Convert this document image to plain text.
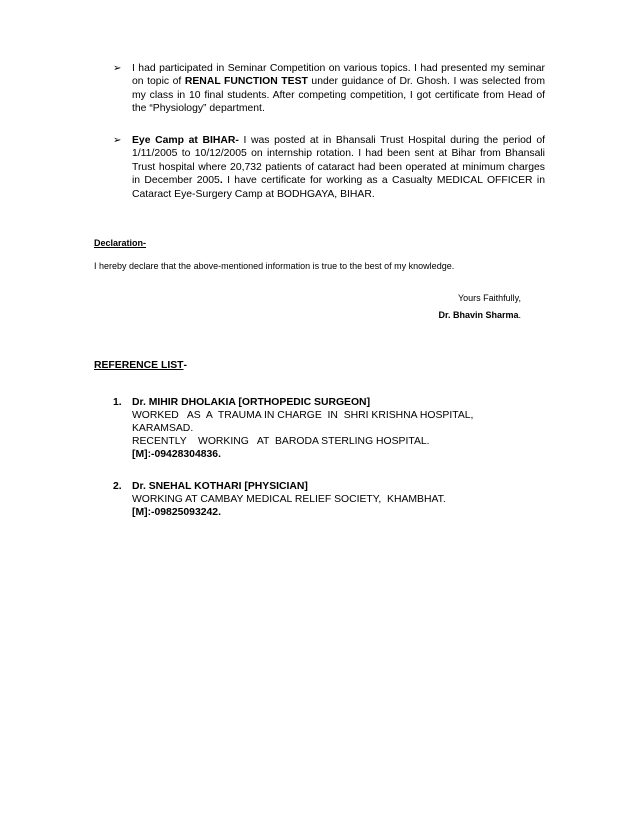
➢ I had participated in Seminar Competition on various topics. I had presented my seminar on topic of RENAL FUNCTION TEST under guidance of Dr. Ghosh. I was selected from my class in 10 final students. After competing competition, I got certificate from Head of the “Physiology” department.
➢ Eye Camp at BIHAR- I was posted at in Bhansali Trust Hospital during the period of 1/11/2005 to 10/12/2005 on internship rotation. I had been sent at Bihar from Bhansali Trust hospital where 20,732 patients of cataract had been operated at minimum charges in December 2005. I have certificate for working as a Casualty MEDICAL OFFICER in Cataract Eye-Surgery Camp at BODHGAYA, BIHAR.
Declaration-
I hereby declare that the above-mentioned information is true to the best of my knowledge.
Yours Faithfully,
Dr. Bhavin Sharma.
REFERENCE LIST-
1. Dr. MIHIR DHOLAKIA [ORTHOPEDIC SURGEON]
WORKED   AS  A  TRAUMA IN CHARGE  IN  SHRI KRISHNA HOSPITAL,
KARAMSAD.
RECENTLY    WORKING   AT  BARODA STERLING HOSPITAL.
[M]:-09428304836.
2. Dr. SNEHAL KOTHARI [PHYSICIAN]
WORKING AT CAMBAY MEDICAL RELIEF SOCIETY,  KHAMBHAT.
[M]:-09825093242.
